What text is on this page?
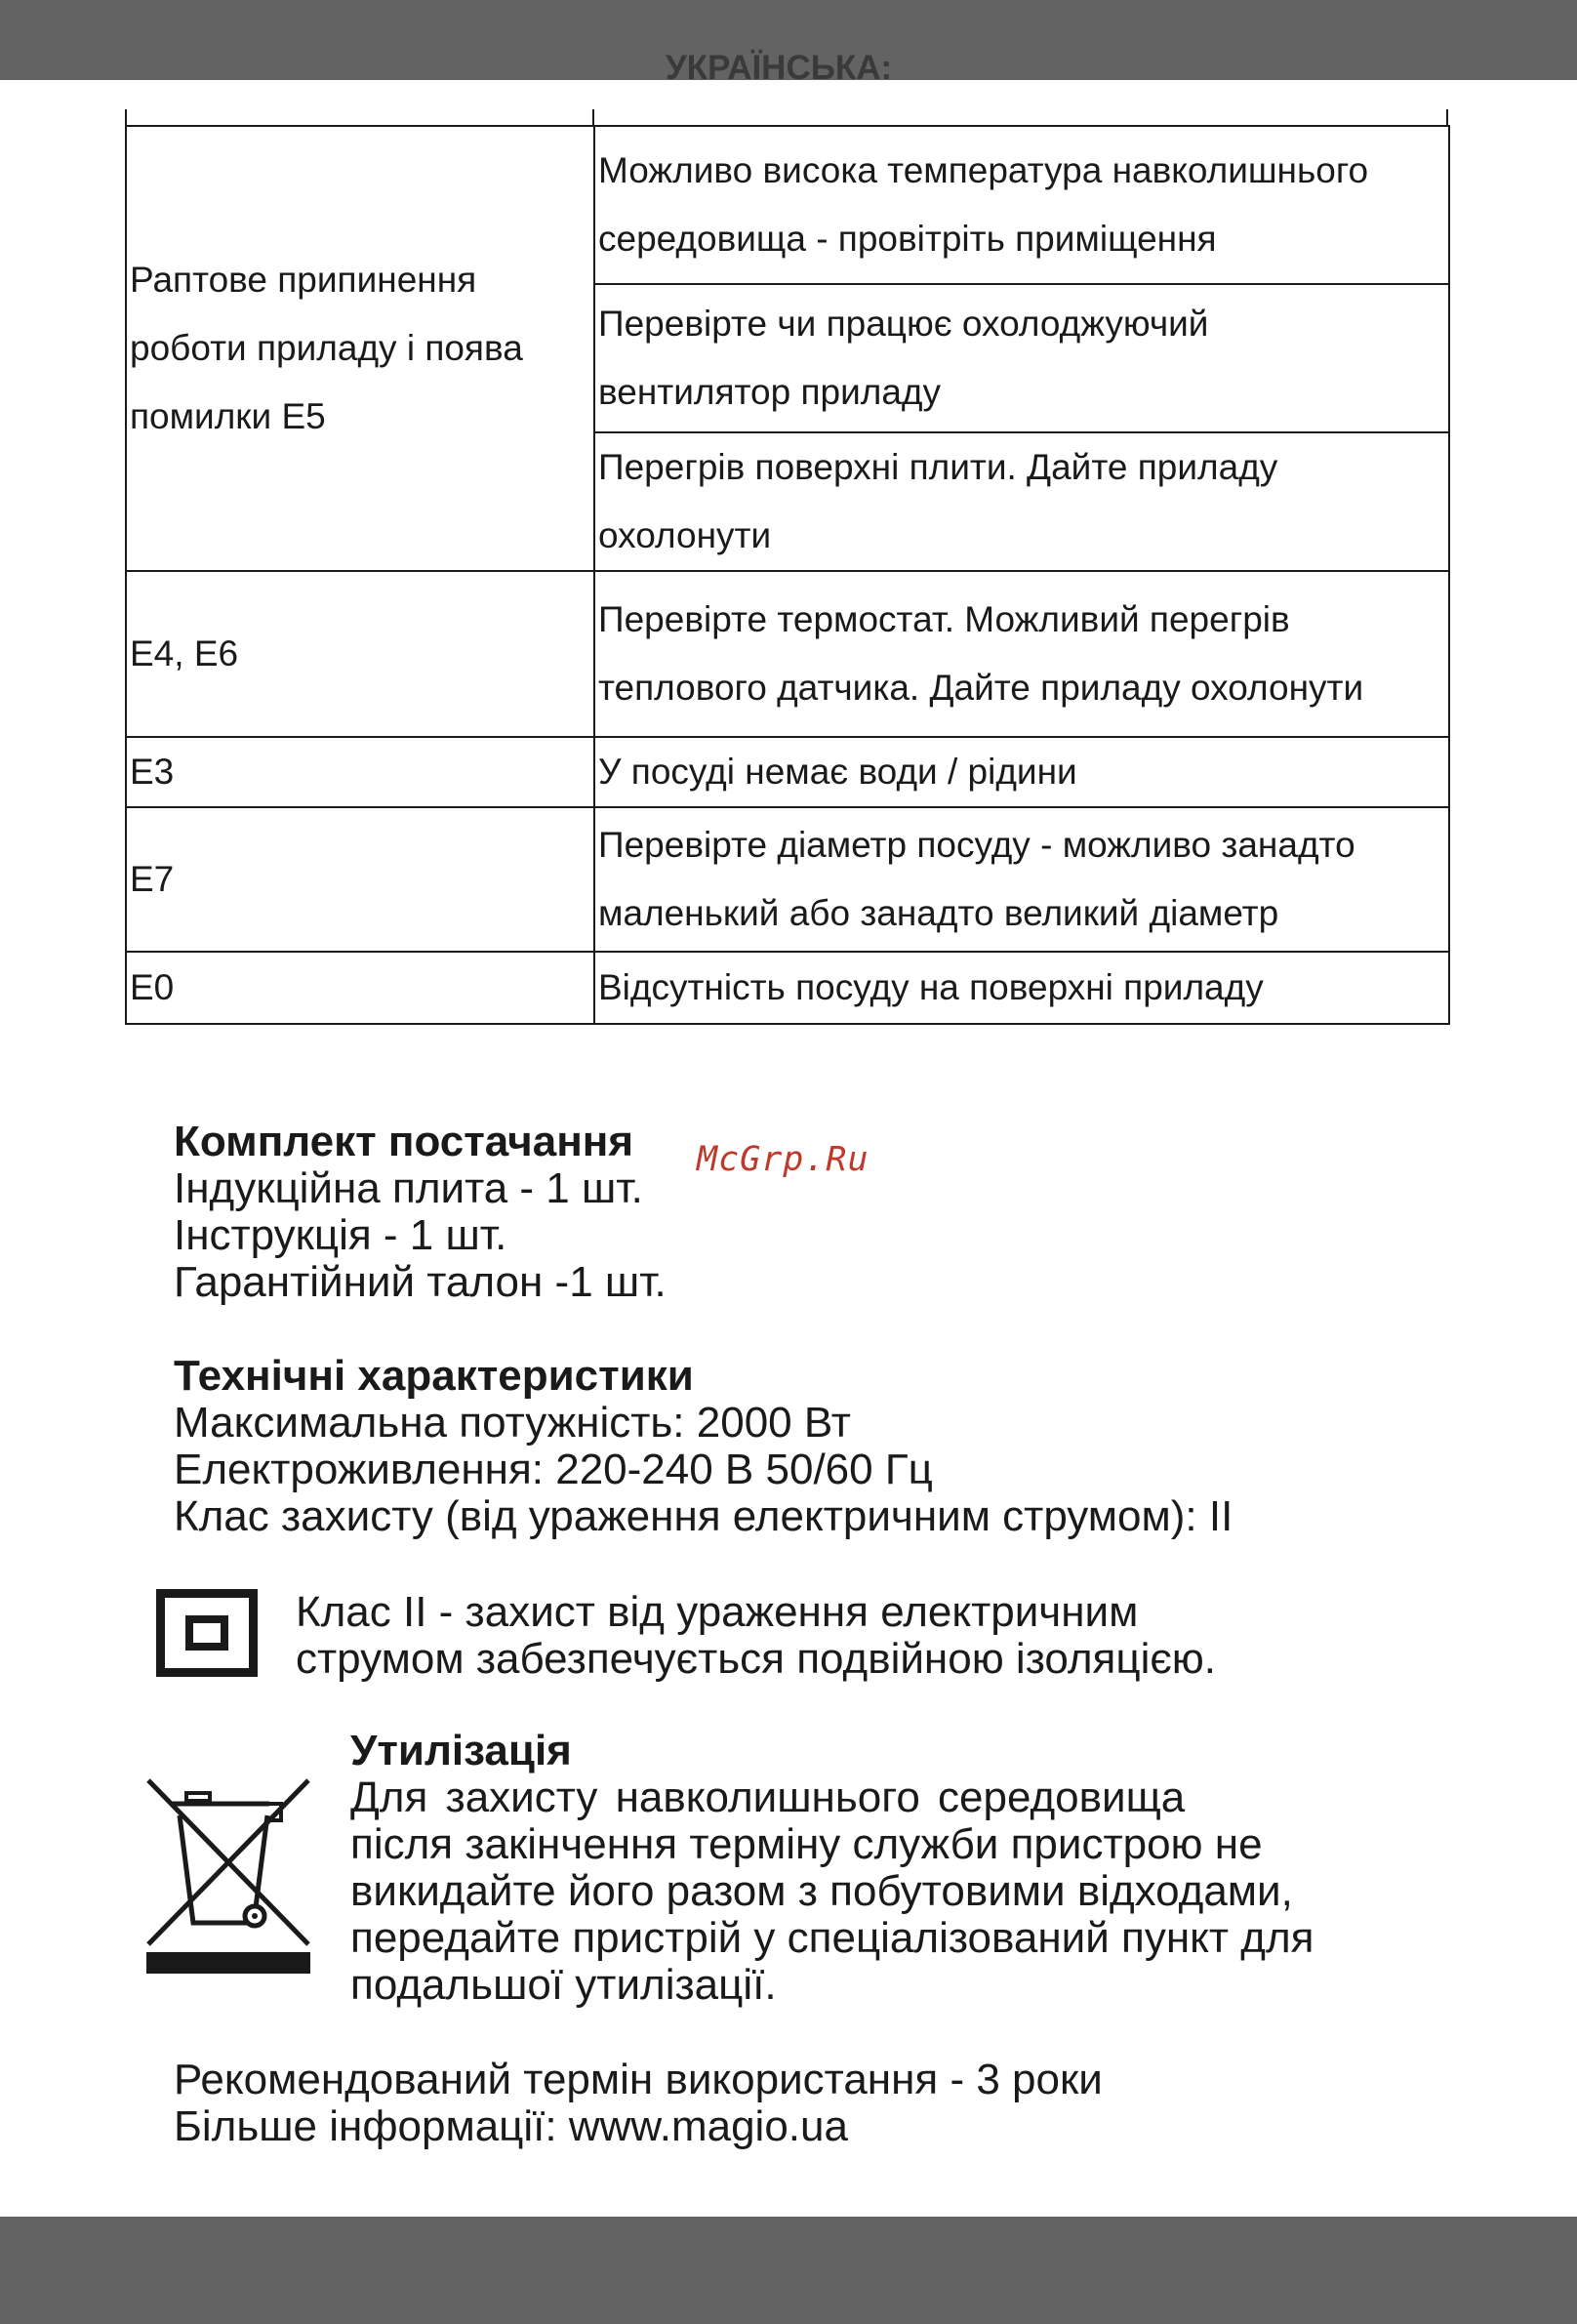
УКРАЇНСЬКА:
Раптове припинення
роботи приладу і поява
помилки Е5	Можливо висока температура навколишнього
середовища - провітріть приміщення

	Перевірте чи працює охолоджуючий
вентилятор приладу

	Перегрів поверхні плити. Дайте приладу
охолонути

Е4, Е6	Перевірте термостат. Можливий перегрів
теплового датчика. Дайте приладу охолонути

Е3	У посуді немає води / рідини

Е7	Перевірте діаметр посуду - можливо занадто
маленький або занадто великий діаметр

Е0	Відсутність посуду на поверхні приладу
Комплект постачання
Індукційна плита - 1 шт.
Інструкція - 1 шт.
Гарантійний талон -1 шт.
McGrp.Ru
Технічні характеристики
Максимальна потужність: 2000 Вт
Електроживлення: 220-240 В 50/60 Гц
Клас захисту (від ураження електричним струмом): II
Клас II - захист від ураження електричним
струмом забезпечується подвійною ізоляцією.
Утилізація
Для захисту навколишнього середовища
після закінчення терміну служби пристрою не
викидайте його разом з побутовими відходами,
передайте пристрій у спеціалізований пункт для
подальшої утилізації.
Рекомендований термін використання - 3 роки
Більше інформації: www.magio.ua
